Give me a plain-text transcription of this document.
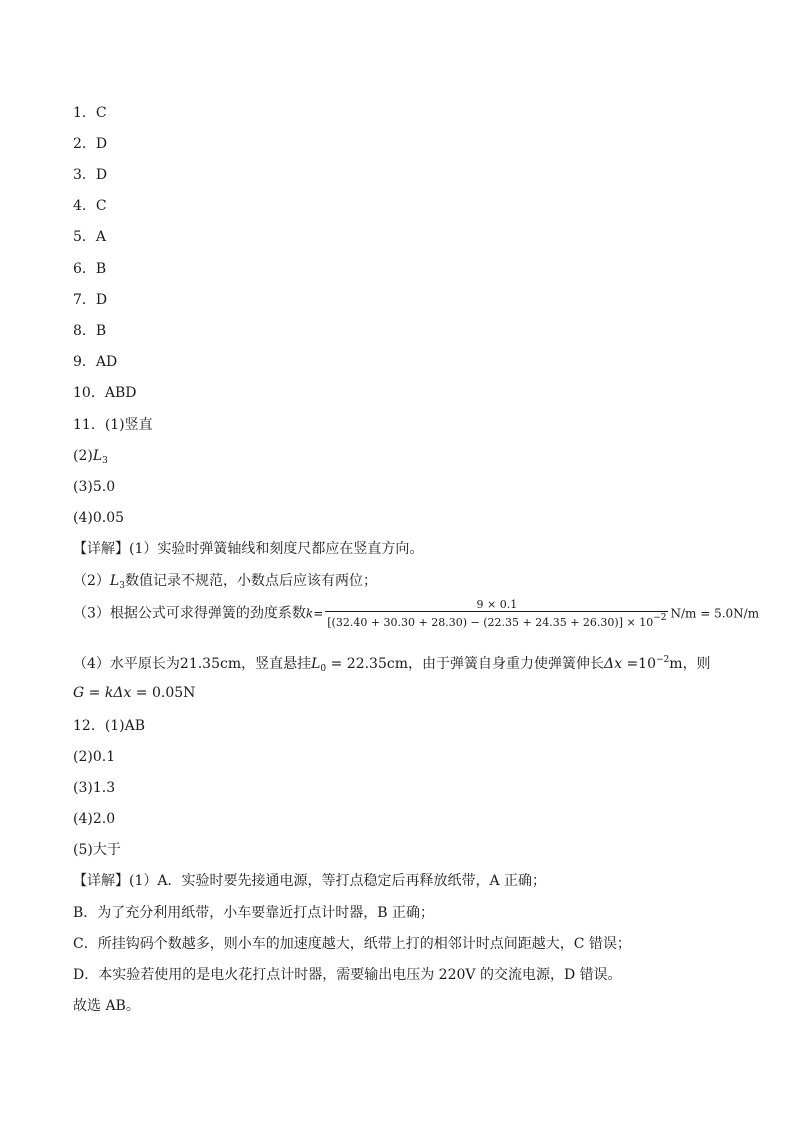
1．C
2．D
3．D
4．C
5．A
6．B
7．D
8．B
9．AD
10．ABD
11．(1)竖直
$(2)L_3$
(3)5.0
(4)0.05
【详解】(1）实验时弹簧轴线和刻度尺都应在竖直方向。
$(2)L_3$数值记录不规范，小数点后应该有两位；
（3）根据公式可求得弹簧的劲度系数$k= \frac{9 \times 0.1}{[(32.40 + 30.30 + 28.30) - (22.35 + 24.35 + 26.30)] \times 10^{-2}} N/m = 5.0N/m$
（4）水平原长为21.35cm，竖直悬挂$L_0 = 22.35cm$，由于弹簧自身重力使弹簧伸长$\Delta x =10^{-2}m$，则
G = kΔx = 0.05N
12．(1)AB
(2)0.1
(3)1.3
(4)2.0
(5)大于
【详解】(1）A．实验时要先接通电源，等打点稳定后再释放纸带，A 正确；
B．为了充分利用纸带，小车要靠近打点计时器，B 正确；
C．所挂钩码个数越多，则小车的加速度越大，纸带上打的相邻计时点间距越大，C 错误；
D．本实验若使用的是电火花打点计时器，需要输出电压为 220V 的交流电源，D 错误。
故选 AB。
